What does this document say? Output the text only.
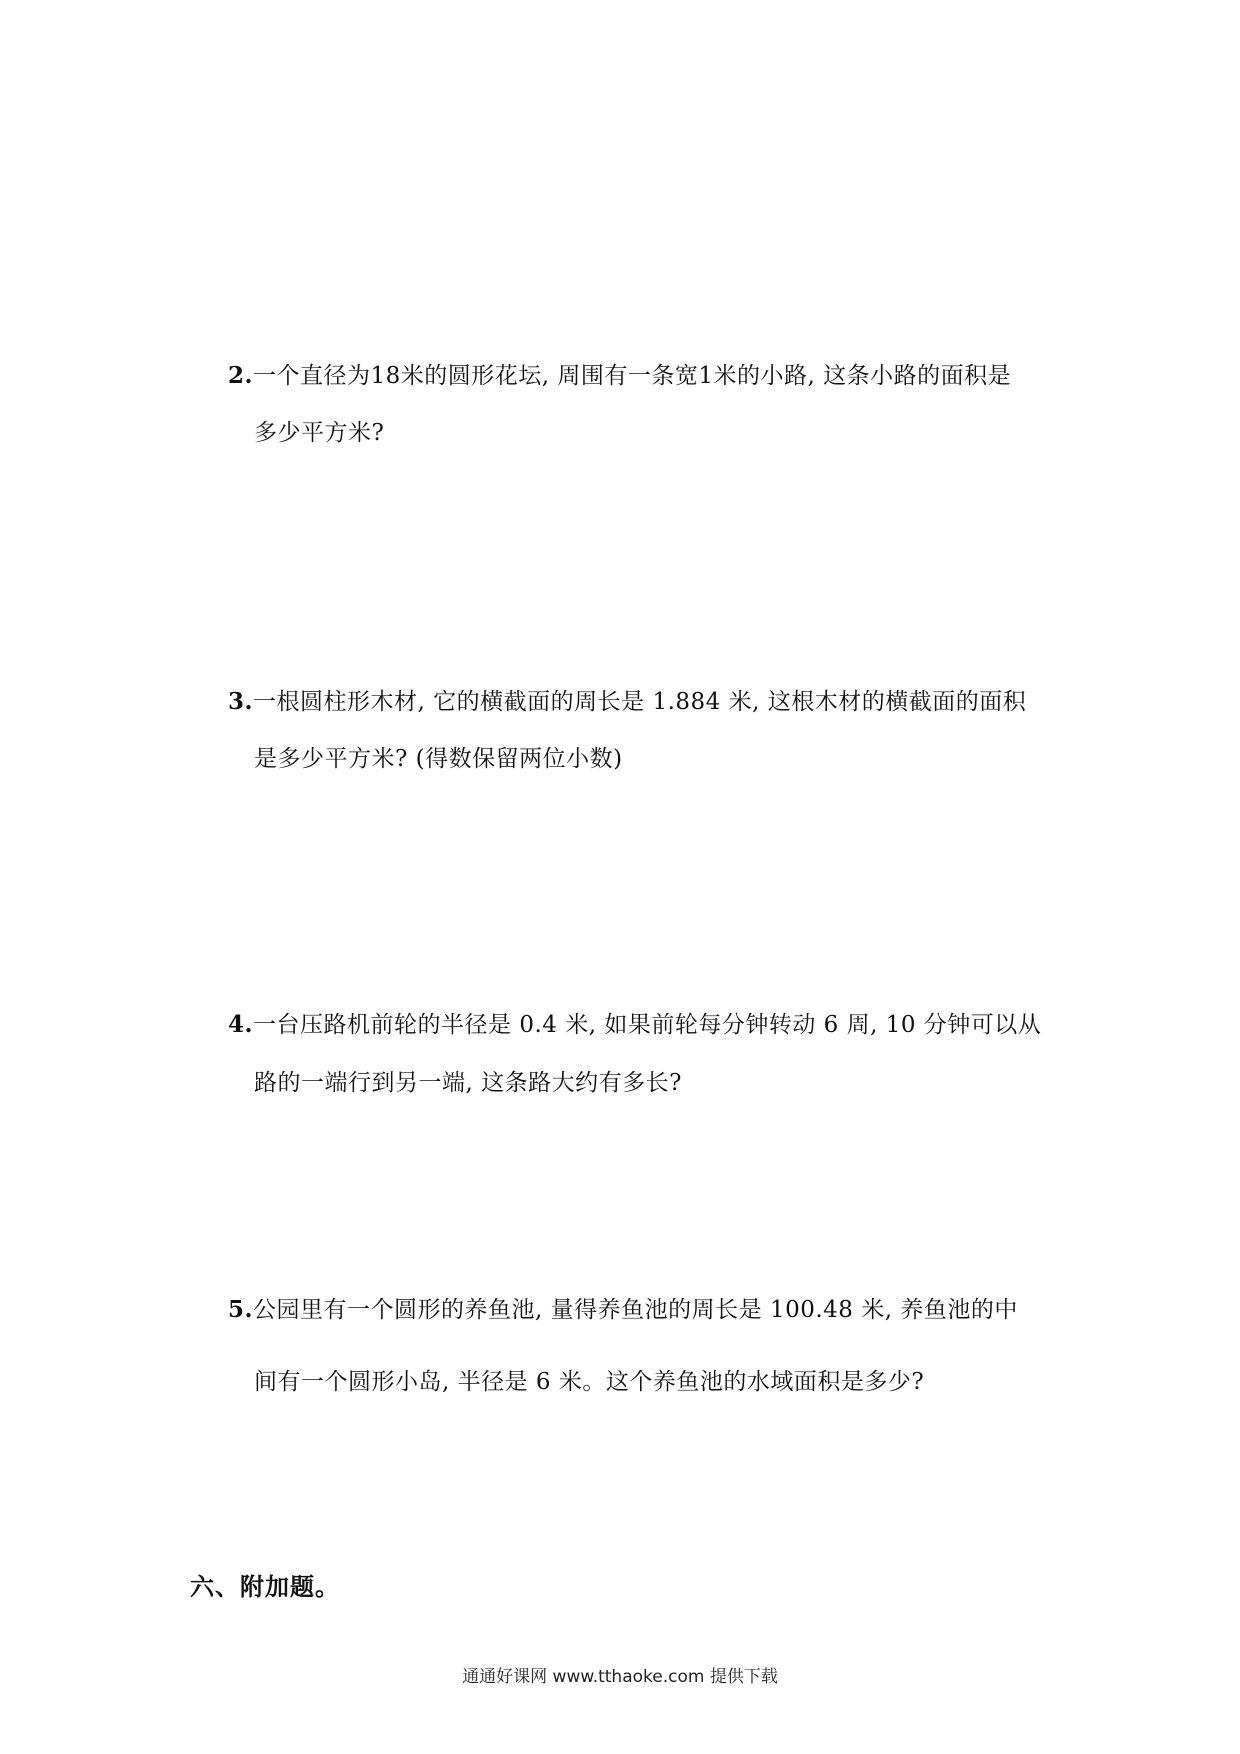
2.一个直径为18米的圆形花坛, 周围有一条宽1米的小路, 这条小路的面积是
多少平方米?
3.一根圆柱形木材, 它的横截面的周长是 1.884 米, 这根木材的横截面的面积
是多少平方米? (得数保留两位小数)
4.一台压路机前轮的半径是 0.4 米, 如果前轮每分钟转动 6 周, 10 分钟可以从
路的一端行到另一端, 这条路大约有多长?
5.公园里有一个圆形的养鱼池, 量得养鱼池的周长是 100.48 米, 养鱼池的中
间有一个圆形小岛, 半径是 6 米。这个养鱼池的水域面积是多少?
六、附加题。
通通好课网 www.tthaoke.com 提供下载
